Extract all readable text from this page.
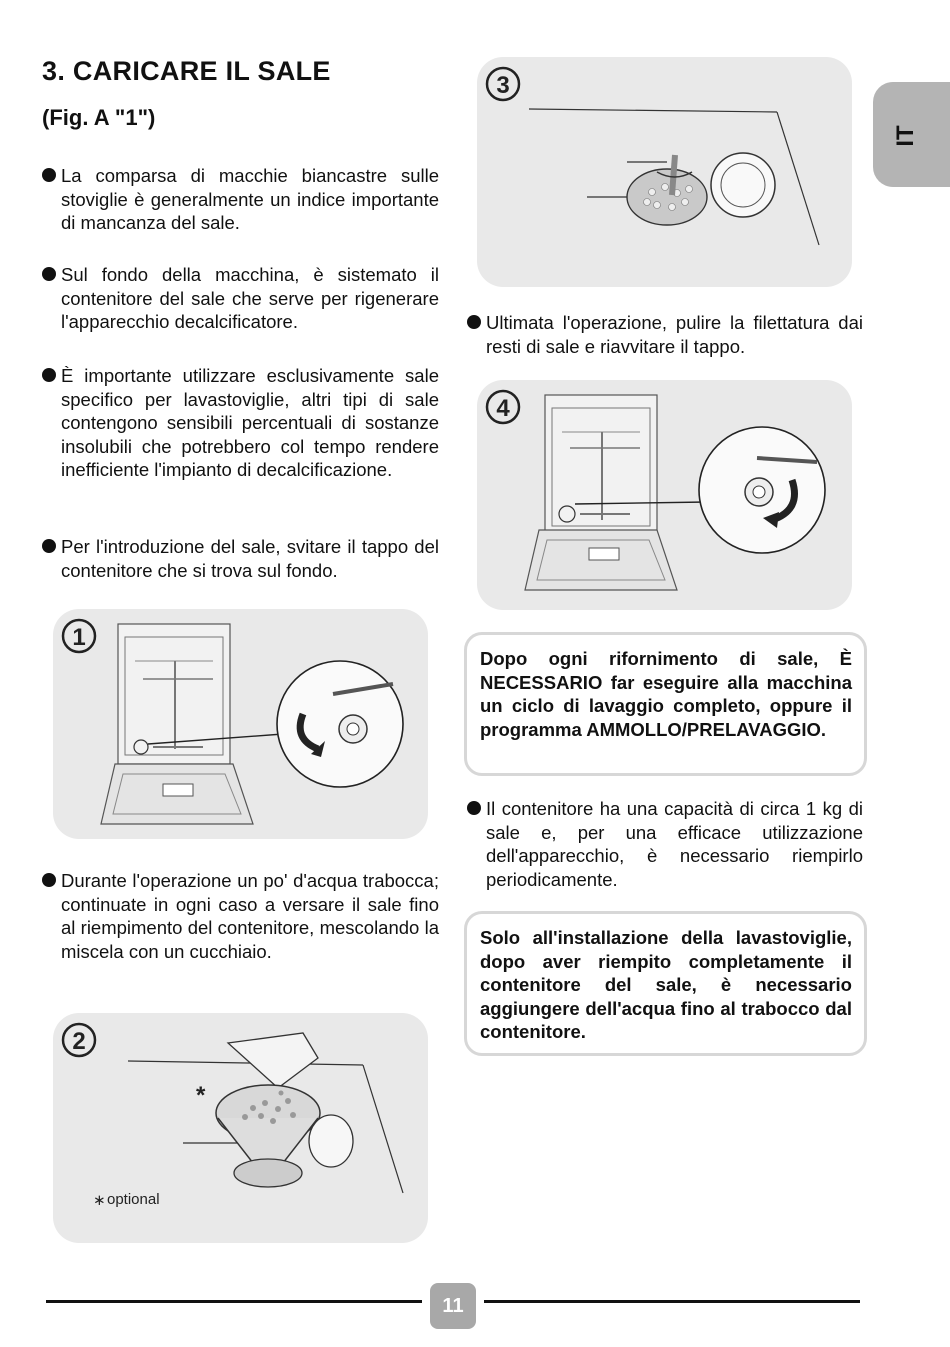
3. CARICARE IL SALE
(Fig. A "1")
IT
La comparsa di macchie biancastre sulle stoviglie è generalmente un indice importante di mancanza del sale.
Sul fondo della macchina, è sistemato il contenitore del sale che serve per rigenerare l'apparecchio decalcificatore.
È importante utilizzare esclusivamente sale specifico per lavastoviglie, altri tipi di sale contengono sensibili percentuali di sostanze insolubili che potrebbero col tempo rendere inefficiente l'impianto di decalcificazione.
Per l'introduzione del sale, svitare il tappo del contenitore che si trova sul fondo.
Durante l'operazione un po' d'acqua trabocca; continuate in ogni caso a versare il sale fino al riempimento del contenitore, mescolando la miscela con un cucchiaio.
1
2
*
∗ optional
3
Ultimata l'operazione, pulire la filettatura dai resti di sale e riavvitare il tappo.
4
Dopo ogni rifornimento di sale, È NECESSARIO far eseguire alla macchina un ciclo di lavaggio completo, oppure il programma AMMOLLO/PRELAVAGGIO.
Il contenitore ha una capacità di circa 1 kg di sale e, per una efficace utilizzazione dell'apparecchio, è necessario riempirlo periodicamente.
Solo all'installazione della lavastoviglie, dopo aver riempito completamente il contenitore del sale, è necessario aggiungere dell'acqua fino al trabocco dal contenitore.
11
